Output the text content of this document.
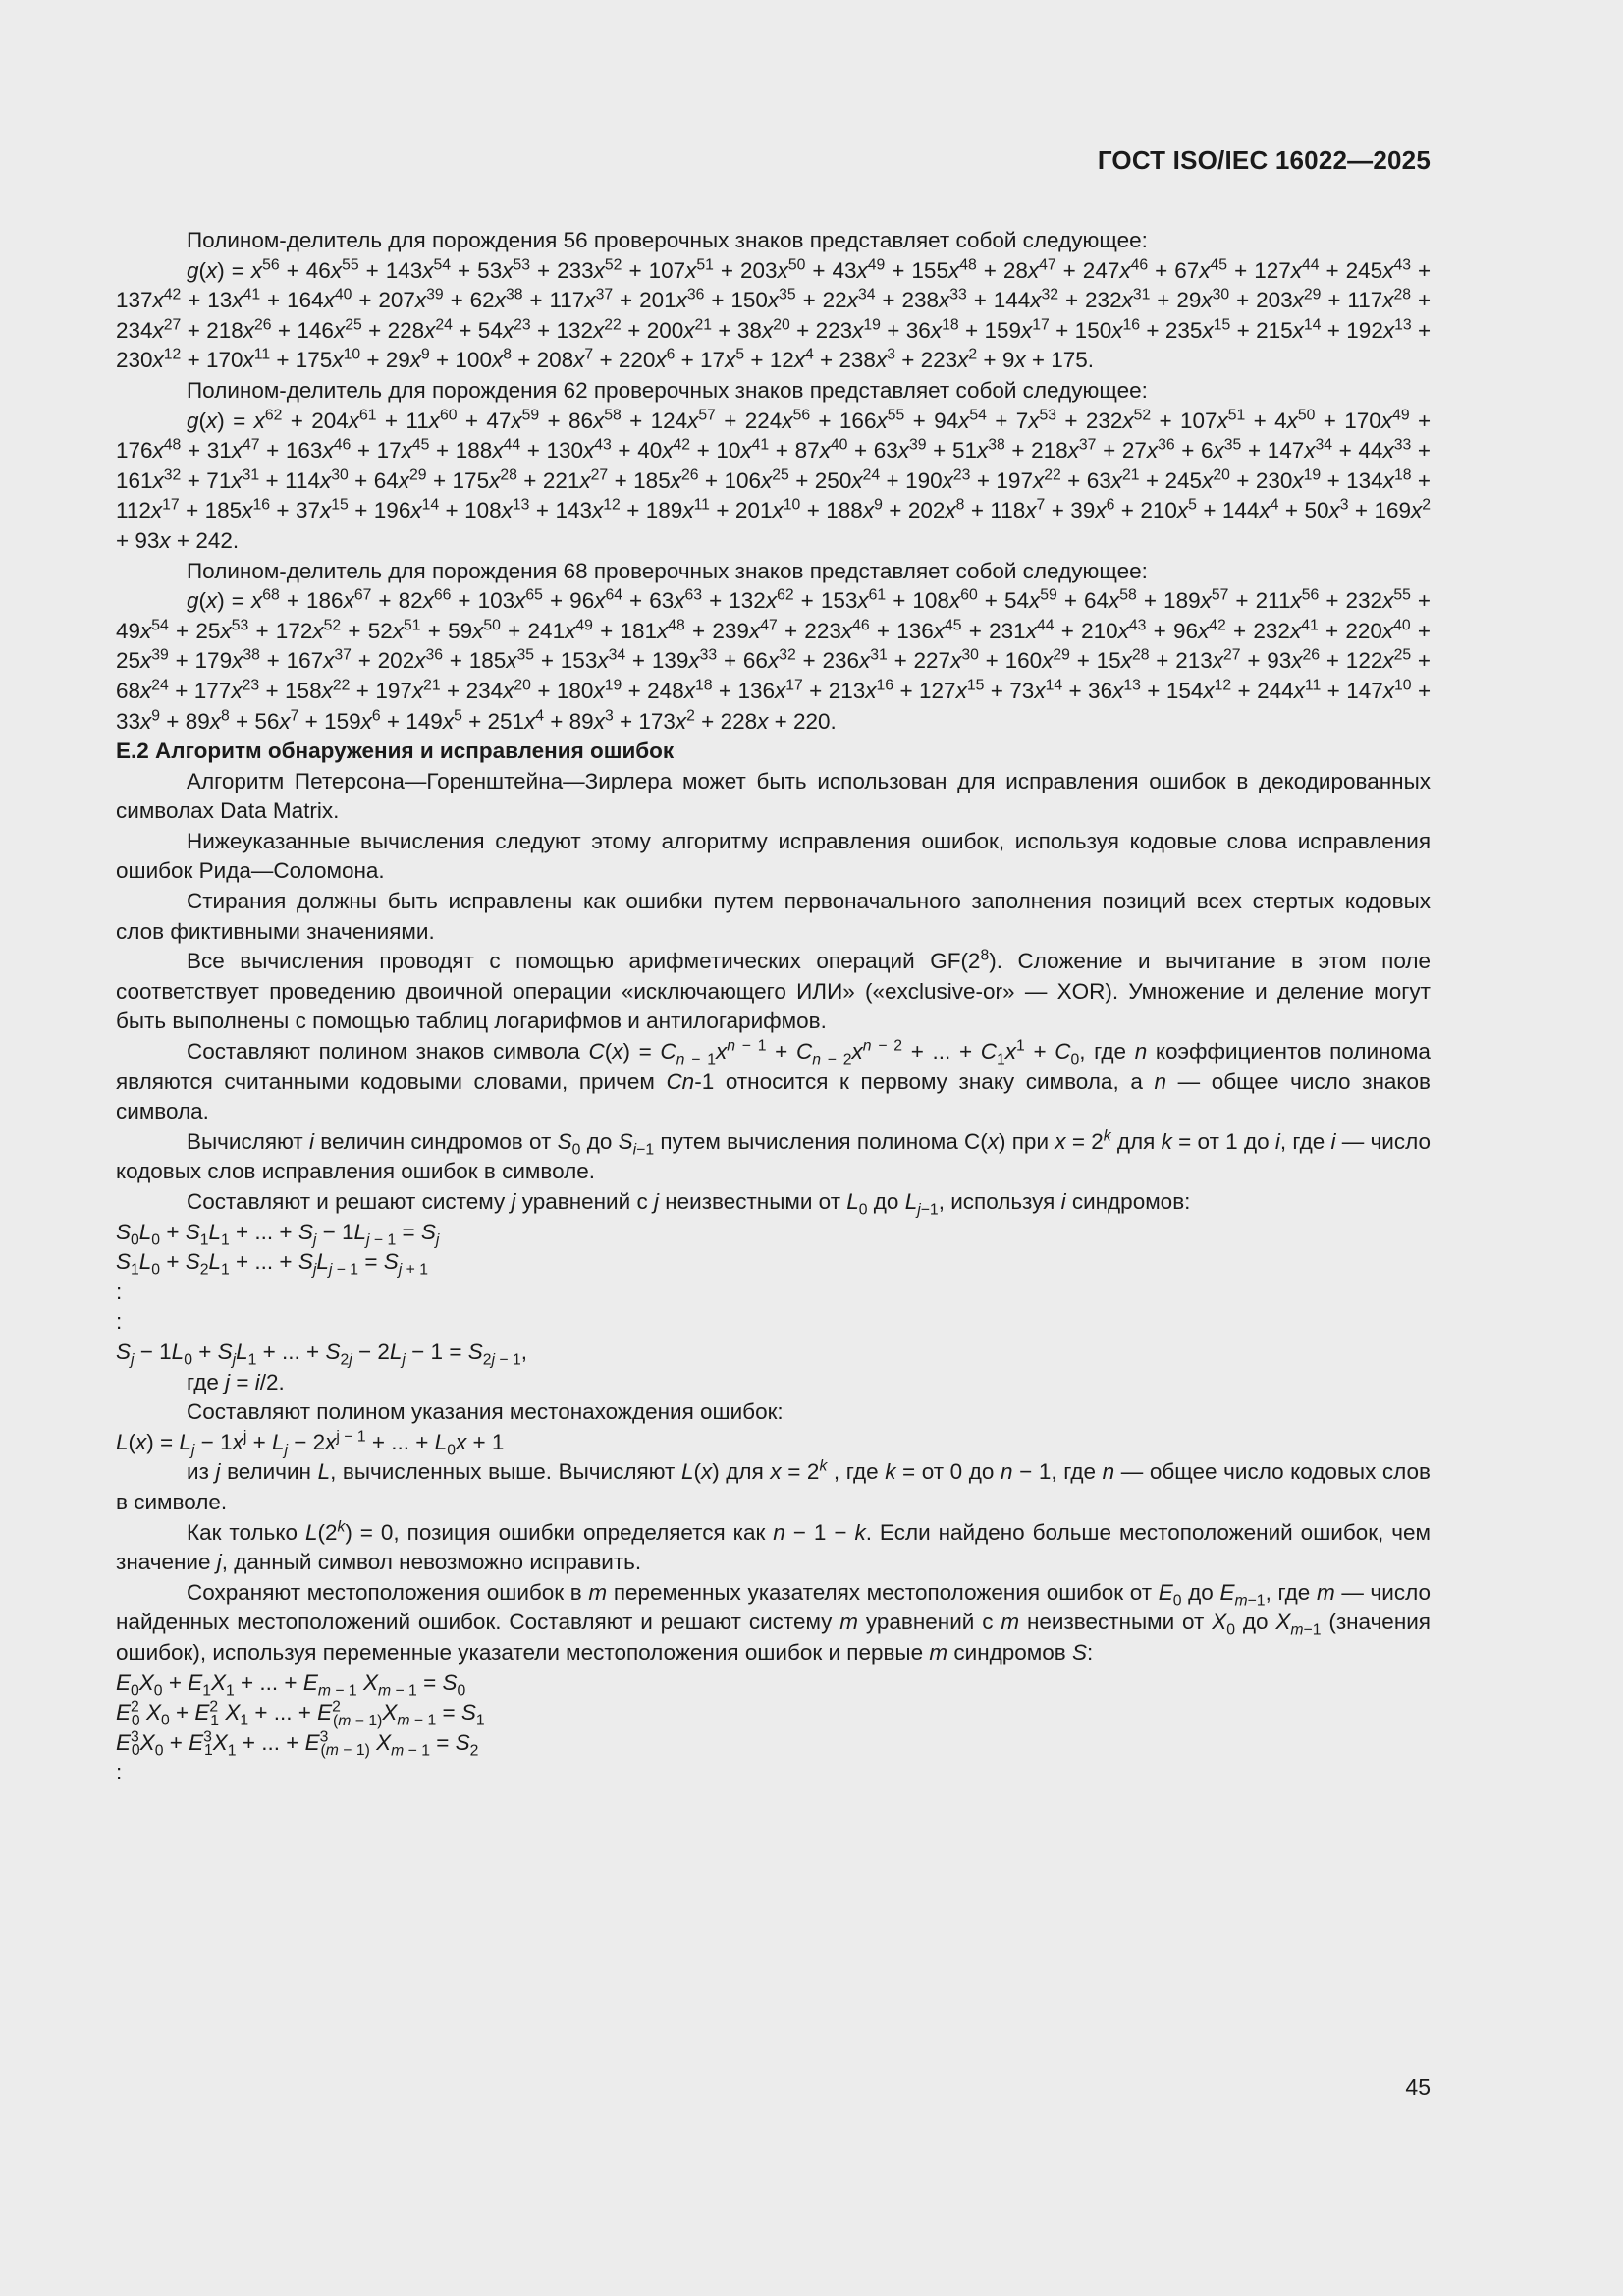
ГОСТ ISO/IEC 16022—2025

Полином-делитель для порождения 56 проверочных знаков представляет собой следующее:

g(x) = $x^{56} + 46x^{55} + 143x^{54} + 53x^{53} + 233x^{52} + 107x^{51} + 203x^{50} + 43x^{49} + 155x^{48} + 28x^{47} + 247x^{46} + 67x^{45} + 127x^{44} + 245x^{43} + 137x^{42} + 13x^{41} + 164x^{40} + 207x^{39} + 62x^{38} + 117x^{37} + 201x^{36} + 150x^{35} + 22x^{34} + 238x^{33} + 144x^{32} + 232x^{31} + 29x^{30} + 203x^{29} + 117x^{28} + 234x^{27} + 218x^{26}$ + $146x^{25} + 228x^{24} + 54x^{23} + 132x^{22} + 200x^{21} + 38x^{20} + 223x^{19} + 36x^{18} + 159x^{17} + 150x^{16} + 235x^{15} + 215x^{14} + 192x^{13} + 230x^{12} + 170x^{11} + 175x^{10} + 29x^9 + 100x^8 + 208x^7 + 220x^6 + 17x^5 + 12x^4 + 238x^3 + 223x^2 + 9x + 175$.

Полином-делитель для порождения 62 проверочных знаков представляет собой следующее:

g(x) = $x^{62} + 204x^{61} + 11x^{60} + 47x^{59} + 86x^{58} + 124x^{57} + 224x^{56} + 166x^{55} + 94x^{54} + 7x^{53} + 232x^{52} + 107x^{51} + 4x^{50} + 170x^{49} + 176x^{48} + 31x^{47} + 163x^{46} + 17x^{45} + 188x^{44} + 130x^{43} + 40x^{42} + 10x^{41} + 87x^{40} + 63x^{39} + 51x^{38} + 218x^{37} + 27x^{36} + 6x^{35} + 147x^{34} + 44x^{33} + 161x^{32}$ + $71x^{31} + 114x^{30} + 64x^{29} + 175x^{28} + 221x^{27} + 185x^{26} + 106x^{25} + 250x^{24} + 190x^{23} + 197x^{22} + 63x^{21} + 245x^{20} + 230x^{19} + 134x^{18} + 112x^{17} + 185x^{16} + 37x^{15} + 196x^{14} + 108x^{13} + 143x^{12} + 189x^{11} + 201x^{10} + 188x^9 + 202x^8 + 118x^7 + 39x^6 + 210x^5 + 144x^4 + 50x^3 + 169x^2 + 93x$ + 242.

Полином-делитель для порождения 68 проверочных знаков представляет собой следующее:

g(x) = $x^{68} + 186x^{67} + 82x^{66} + 103x^{65} + 96x^{64} + 63x^{63} + 132x^{62} + 153x^{61} + 108x^{60} + 54x^{59} + 64x^{58} + 189x^{57} + 211x^{56} + 232x^{55} + 49x^{54} + 25x^{53} + 172x^{52} + 52x^{51} + 59x^{50} + 241x^{49} + 181x^{48} + 239x^{47} + 223x^{46} + 136x^{45} + 231x^{44} + 210x^{43} + 96x^{42} + 232x^{41} + 220x^{40} + 25x^{39} + 179x^{38}$ + $167x^{37} + 202x^{36} + 185x^{35} + 153x^{34} + 139x^{33} + 66x^{32} + 236x^{31} + 227x^{30} + 160x^{29} + 15x^{28} + 213x^{27} + 93x^{26} + 122x^{25} + 68x^{24} + 177x^{23} + 158x^{22} + 197x^{21} + 234x^{20} + 180x^{19} + 248x^{18} + 136x^{17} + 213x^{16} + 127x^{15} + 73x^{14} + 36x^{13} + 154x^{12} + 244x^{11} + 147x^{10} + 33x^9 + 89x^8 + 56x^7$ + $159x^6 + 149x^5 + 251x^4 + 89x^3 + 173x^2 + 228x + 220$.

Е.2 Алгоритм обнаружения и исправления ошибок

Алгоритм Петерсона—Горенштейна—Зирлера может быть использован для исправления ошибок в декодированных символах Data Matrix.

Нижеуказанные вычисления следуют этому алгоритму исправления ошибок, используя кодовые слова исправления ошибок Рида—Соломона.

Стирания должны быть исправлены как ошибки путем первоначального заполнения позиций всех стертых кодовых слов фиктивными значениями.

Все вычисления проводят с помощью арифметических операций $GF(2^8)$. Сложение и вычитание в этом поле соответствует проведению двоичной операции «исключающего ИЛИ» («exclusive-or» — XOR). Умножение и деление могут быть выполнены с помощью таблиц логарифмов и антилогарифмов.

Составляют полином знаков символа $C(x) = C_{n - 1}x^{n - 1} + C_{n - 2}x^{n - 2}$ + ... + $C_1x^1 + C_0$, где n коэффициентов полинома являются считанными кодовыми словами, причем Cn-1 относится к первому знаку символа, а n — общее число знаков символа.

Вычисляют i величин синдромов от $S_0$ до $S_{i-1}$ путем вычисления полинома C(x) при $x = 2^k$ для k = от 1 до i, где i — число кодовых слов исправления ошибок в символе.

Составляют и решают систему j уравнений с j неизвестными от $L_0$ до $L_{j-1}$, используя i синдромов:

$S_0L_0 + S_1L_1$ + ... + $S_j - 1L_{j - 1} = S_j$

$S_1L_0 + S_2L_1$ + ... + $S_jL_{j - 1} = S_{j + 1}$

:

:

$S_j - 1L_0 + S_jL_1$ + ... + $S_{2j} - 2L_j - 1 = S_{2j - 1}$,

где j = i/2.

Составляют полином указания местонахождения ошибок:

$L(x) = L_j - 1x^j + L_j - 2x^{j - 1}$ + ... + $L_0x + 1$

из j величин L, вычисленных выше. Вычисляют L(x) для $x = 2^k$ , где k = от 0 до n − 1, где n — общее число кодовых слов в символе.

Как только $L(2^k) = 0$, позиция ошибки определяется как n − 1 − k. Если найдено больше местоположений ошибок, чем значение j, данный символ невозможно исправить.

Сохраняют местоположения ошибок в m переменных указателях местоположения ошибок от $E_0$ до $E_{m-1}$, где m — число найденных местоположений ошибок. Составляют и решают систему m уравнений с m неизвестными от $X_0$ до $X_{m-1}$ (значения ошибок), используя переменные указатели местоположения ошибок и первые m синдромов S:

$E_0X_0 + E_1X_1$ + ... + $E_{m - 1}$ $X_{m - 1} = S_0$

$E^2_0$ $X_0 + E^2_1$ $X_1$ + ... + $E^2_{(m - 1)}X_{m - 1} = S_1$

$E^3_0X_0 + E^3_1X_1$ + ... + $E^3_{(m - 1)}$ $X_{m - 1} = S_2$

:

45
